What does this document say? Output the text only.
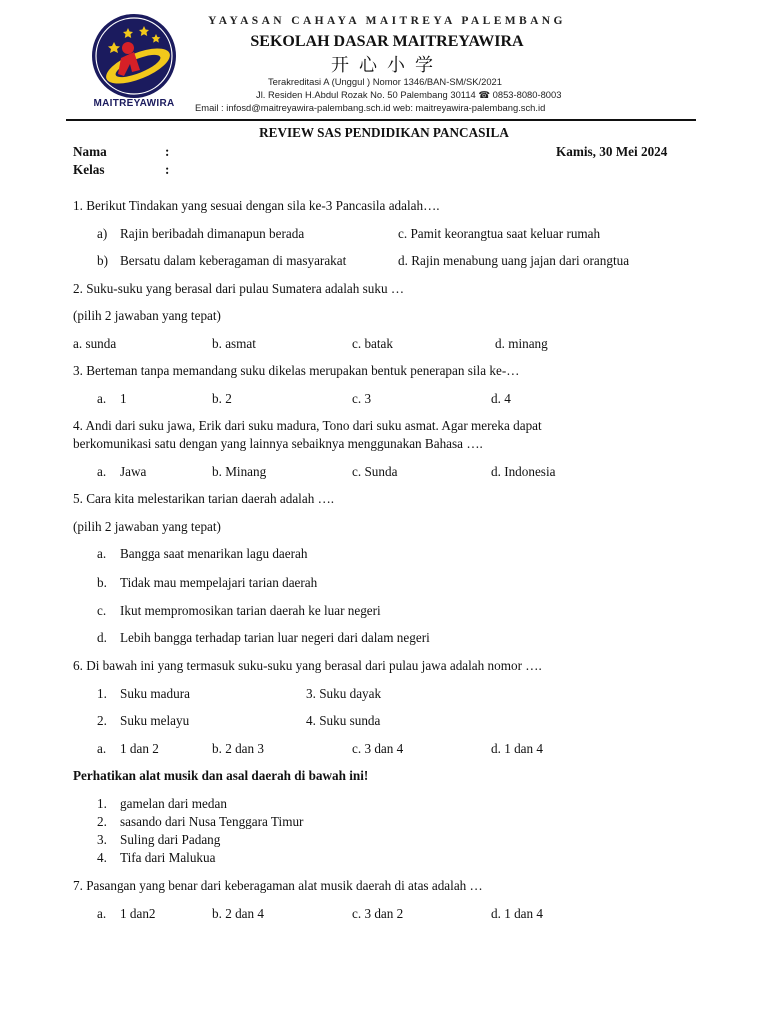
MAITREYAWIRA
YAYASAN CAHAYA MAITREYA PALEMBANG
SEKOLAH DASAR MAITREYAWIRA
开心小学
Terakreditasi A (Unggul ) Nomor 1346/BAN-SM/SK/2021
Jl. Residen H.Abdul Rozak No. 50 Palembang 30114 ☎ 0853-8080-8003
Email : infosd@maitreyawira-palembang.sch.id web: maitreyawira-palembang.sch.id
REVIEW SAS PENDIDIKAN PANCASILA
Nama	:	Kamis, 30 Mei 2024
Kelas	:
1. Berikut Tindakan yang sesuai dengan sila ke-3 Pancasila adalah….
a) Rajin beribadah dimanapun berada	c. Pamit keorangtua saat keluar rumah
b) Bersatu dalam keberagaman di masyarakat	d. Rajin menabung uang jajan dari orangtua
2. Suku-suku yang berasal dari pulau Sumatera adalah suku …
(pilih 2 jawaban yang tepat)
a. sunda	b. asmat	c. batak	d. minang
3. Berteman tanpa memandang suku dikelas merupakan bentuk penerapan sila ke-…
a. 1	b. 2	c. 3	d. 4
4. Andi dari suku jawa, Erik dari suku madura, Tono dari suku asmat. Agar mereka dapat
berkomunikasi satu dengan yang lainnya sebaiknya menggunakan Bahasa ….
a. Jawa	b. Minang	c. Sunda	d. Indonesia
5. Cara kita melestarikan tarian daerah adalah ….
(pilih 2 jawaban yang tepat)
a. Bangga saat menarikan lagu daerah
b. Tidak mau mempelajari tarian daerah
c. Ikut mempromosikan tarian daerah ke luar negeri
d. Lebih bangga terhadap tarian luar negeri dari dalam negeri
6. Di bawah ini yang termasuk suku-suku yang berasal dari pulau jawa adalah nomor ….
1. Suku madura	3. Suku dayak
2. Suku melayu	4. Suku sunda
a. 1 dan 2	b. 2 dan 3	c. 3 dan 4	d. 1 dan 4
Perhatikan alat musik dan asal daerah di bawah ini!
1. gamelan dari medan
2. sasando dari Nusa Tenggara Timur
3. Suling dari Padang
4. Tifa dari Malukua
7. Pasangan yang benar dari keberagaman alat musik daerah di atas adalah …
a. 1 dan2	b. 2 dan 4	c. 3 dan 2	d. 1 dan 4
